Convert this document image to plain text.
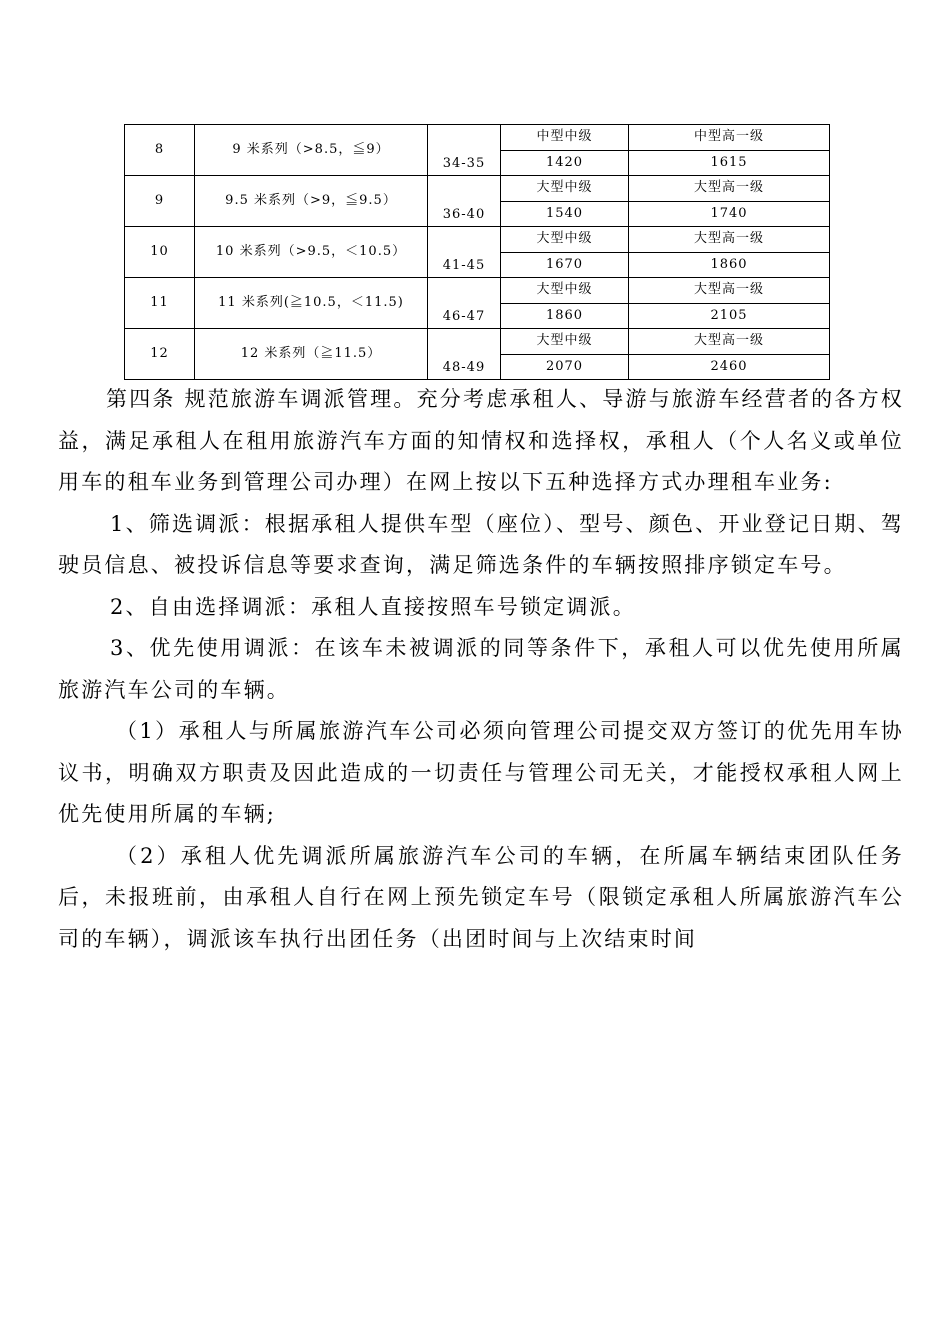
8	9 米系列（>8.5，≦9）	34-35	中型中级	中型高一级
			1420	1615
9	9.5 米系列（>9，≦9.5）	36-40	大型中级	大型高一级
			1540	1740
10	10 米系列（>9.5，＜10.5）	41-45	大型中级	大型高一级
			1670	1860
11	11 米系列(≧10.5，＜11.5)	46-47	大型中级	大型高一级
			1860	2105
12	12 米系列（≧11.5）	48-49	大型中级	大型高一级
			2070	2460

第四条 规范旅游车调派管理。充分考虑承租人、导游与旅游车经营者的各方权益，满足承租人在租用旅游汽车方面的知情权和选择权，承租人（个人名义或单位用车的租车业务到管理公司办理）在网上按以下五种选择方式办理租车业务:

1、筛选调派：根据承租人提供车型（座位）、型号、颜色、开业登记日期、驾驶员信息、被投诉信息等要求查询，满足筛选条件的车辆按照排序锁定车号。

2、自由选择调派：承租人直接按照车号锁定调派。

3、优先使用调派：在该车未被调派的同等条件下，承租人可以优先使用所属旅游汽车公司的车辆。

（1）承租人与所属旅游汽车公司必须向管理公司提交双方签订的优先用车协议书，明确双方职责及因此造成的一切责任与管理公司无关，才能授权承租人网上优先使用所属的车辆;

（2）承租人优先调派所属旅游汽车公司的车辆，在所属车辆结束团队任务后，未报班前，由承租人自行在网上预先锁定车号（限锁定承租人所属旅游汽车公司的车辆），调派该车执行出团任务（出团时间与上次结束时间
